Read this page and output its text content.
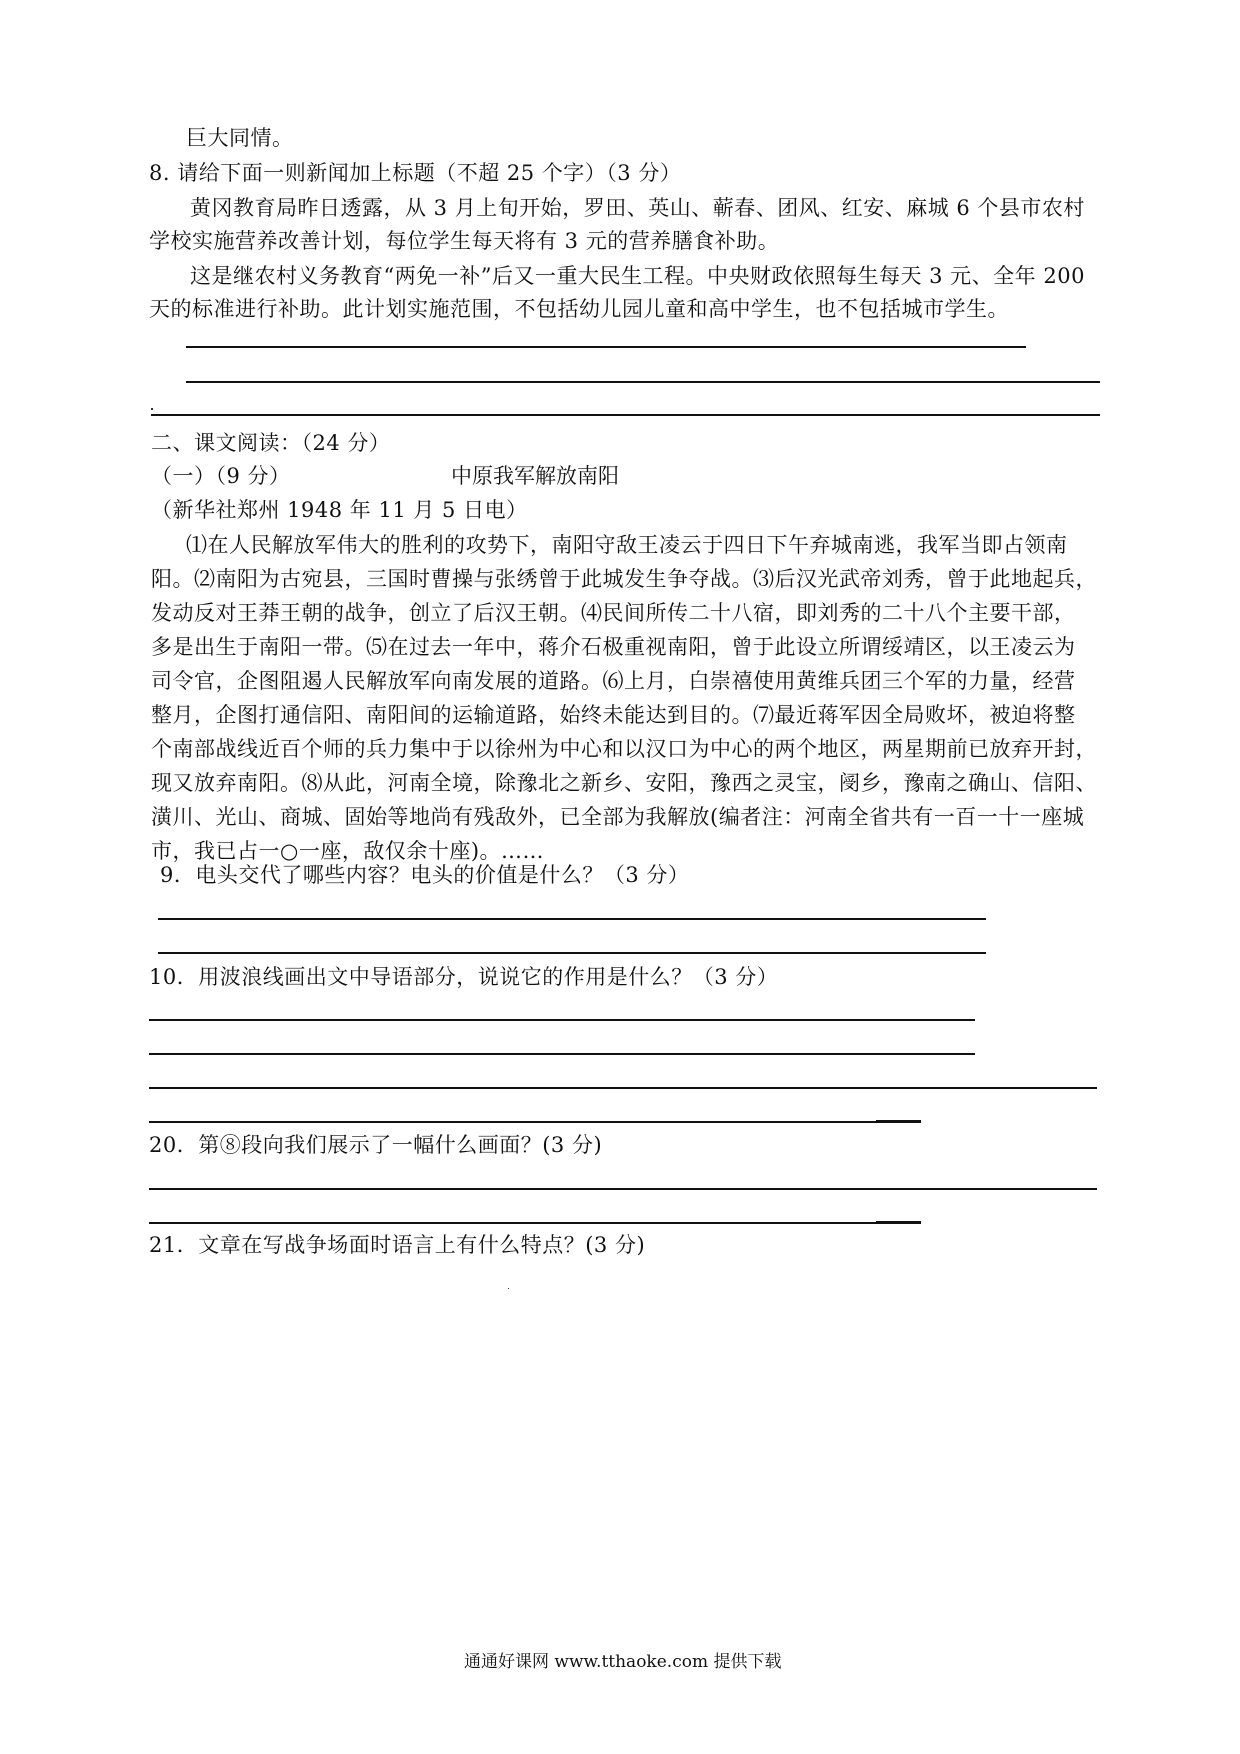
巨大同情。
8. 请给下面一则新闻加上标题（不超 25 个字）（3 分）
黄冈教育局昨日透露，从 3 月上旬开始，罗田、英山、蕲春、团风、红安、麻城 6 个县市农村
学校实施营养改善计划，每位学生每天将有 3 元的营养膳食补助。
这是继农村义务教育“两免一补”后又一重大民生工程。中央财政依照每生每天 3 元、全年 200
天的标准进行补助。此计划实施范围，不包括幼儿园儿童和高中学生，也不包括城市学生。
二、课文阅读：（24 分）
（一）（9 分）	中原我军解放南阳
（新华社郑州 1948 年 11 月 5 日电）
⑴在人民解放军伟大的胜利的攻势下，南阳守敌王凌云于四日下午弃城南逃，我军当即占领南
阳。⑵南阳为古宛县，三国时曹操与张绣曾于此城发生争夺战。⑶后汉光武帝刘秀，曾于此地起兵，
发动反对王莽王朝的战争，创立了后汉王朝。⑷民间所传二十八宿，即刘秀的二十八个主要干部，
多是出生于南阳一带。⑸在过去一年中，蒋介石极重视南阳，曾于此设立所谓绥靖区，以王凌云为
司令官，企图阻遏人民解放军向南发展的道路。⑹上月，白崇禧使用黄维兵团三个军的力量，经营
整月，企图打通信阳、南阳间的运输道路，始终未能达到目的。⑺最近蒋军因全局败坏，被迫将整
个南部战线近百个师的兵力集中于以徐州为中心和以汉口为中心的两个地区，两星期前已放弃开封，
现又放弃南阳。⑻从此，河南全境，除豫北之新乡、安阳，豫西之灵宝，阌乡，豫南之确山、信阳、
潢川、光山、商城、固始等地尚有残敌外，已全部为我解放(编者注：河南全省共有一百一十一座城
市，我已占一○一座，敌仅余十座)。……
9．电头交代了哪些内容？电头的价值是什么？（3 分）
10．用波浪线画出文中导语部分，说说它的作用是什么？（3 分）
20．第⑧段向我们展示了一幅什么画面？(3 分)
21．文章在写战争场面时语言上有什么特点？(3 分)
通通好课网 www.tthaoke.com 提供下载
